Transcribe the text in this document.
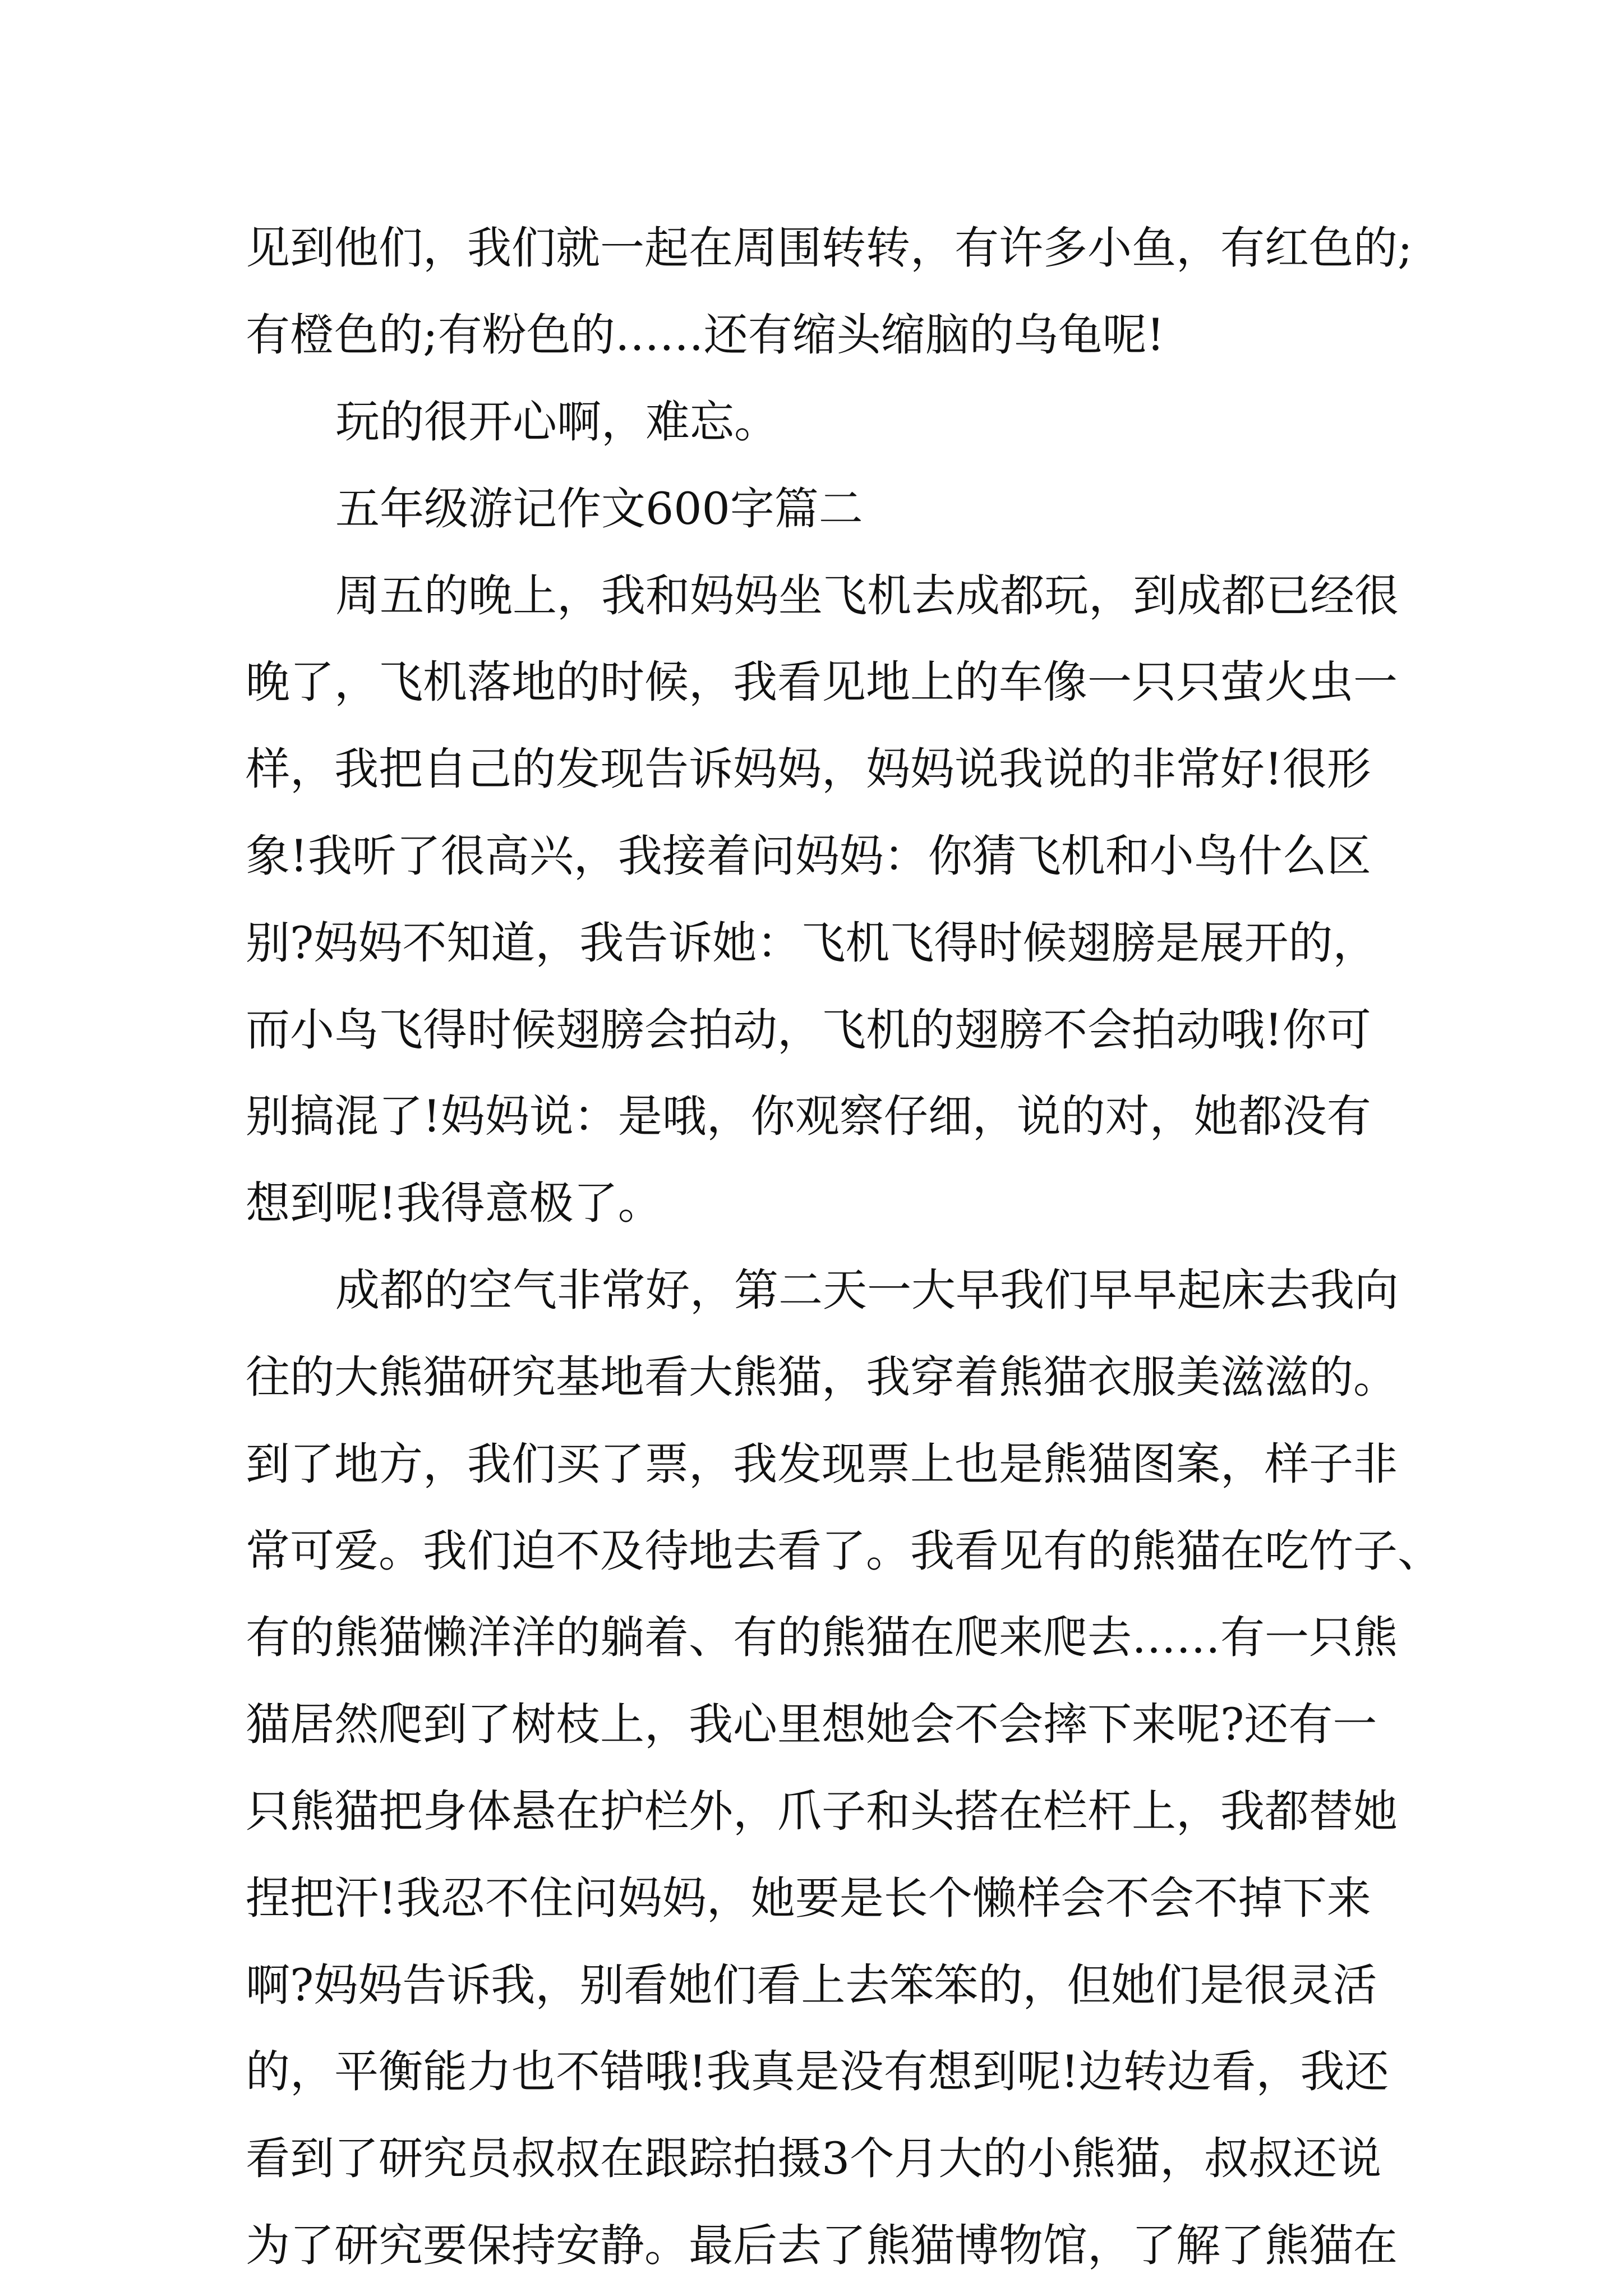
见到他们，我们就一起在周围转转，有许多小鱼，有红色的;

有橙色的;有粉色的……还有缩头缩脑的乌龟呢!

玩的很开心啊，难忘。

五年级游记作文600字篇二

周五的晚上，我和妈妈坐飞机去成都玩，到成都已经很

晚了，飞机落地的时候，我看见地上的车像一只只萤火虫一

样，我把自己的发现告诉妈妈，妈妈说我说的非常好!很形

象!我听了很高兴，我接着问妈妈：你猜飞机和小鸟什么区

别?妈妈不知道，我告诉她：飞机飞得时候翅膀是展开的，

而小鸟飞得时候翅膀会拍动，飞机的翅膀不会拍动哦!你可

别搞混了!妈妈说：是哦，你观察仔细，说的对，她都没有

想到呢!我得意极了。

成都的空气非常好，第二天一大早我们早早起床去我向

往的大熊猫研究基地看大熊猫，我穿着熊猫衣服美滋滋的。

到了地方，我们买了票，我发现票上也是熊猫图案，样子非

常可爱。我们迫不及待地去看了。我看见有的熊猫在吃竹子、

有的熊猫懒洋洋的躺着、有的熊猫在爬来爬去……有一只熊

猫居然爬到了树枝上，我心里想她会不会摔下来呢?还有一

只熊猫把身体悬在护栏外，爪子和头搭在栏杆上，我都替她

捏把汗!我忍不住问妈妈，她要是长个懒样会不会不掉下来

啊?妈妈告诉我，别看她们看上去笨笨的，但她们是很灵活

的，平衡能力也不错哦!我真是没有想到呢!边转边看，我还

看到了研究员叔叔在跟踪拍摄3个月大的小熊猫，叔叔还说

为了研究要保持安静。最后去了熊猫博物馆，了解了熊猫在
